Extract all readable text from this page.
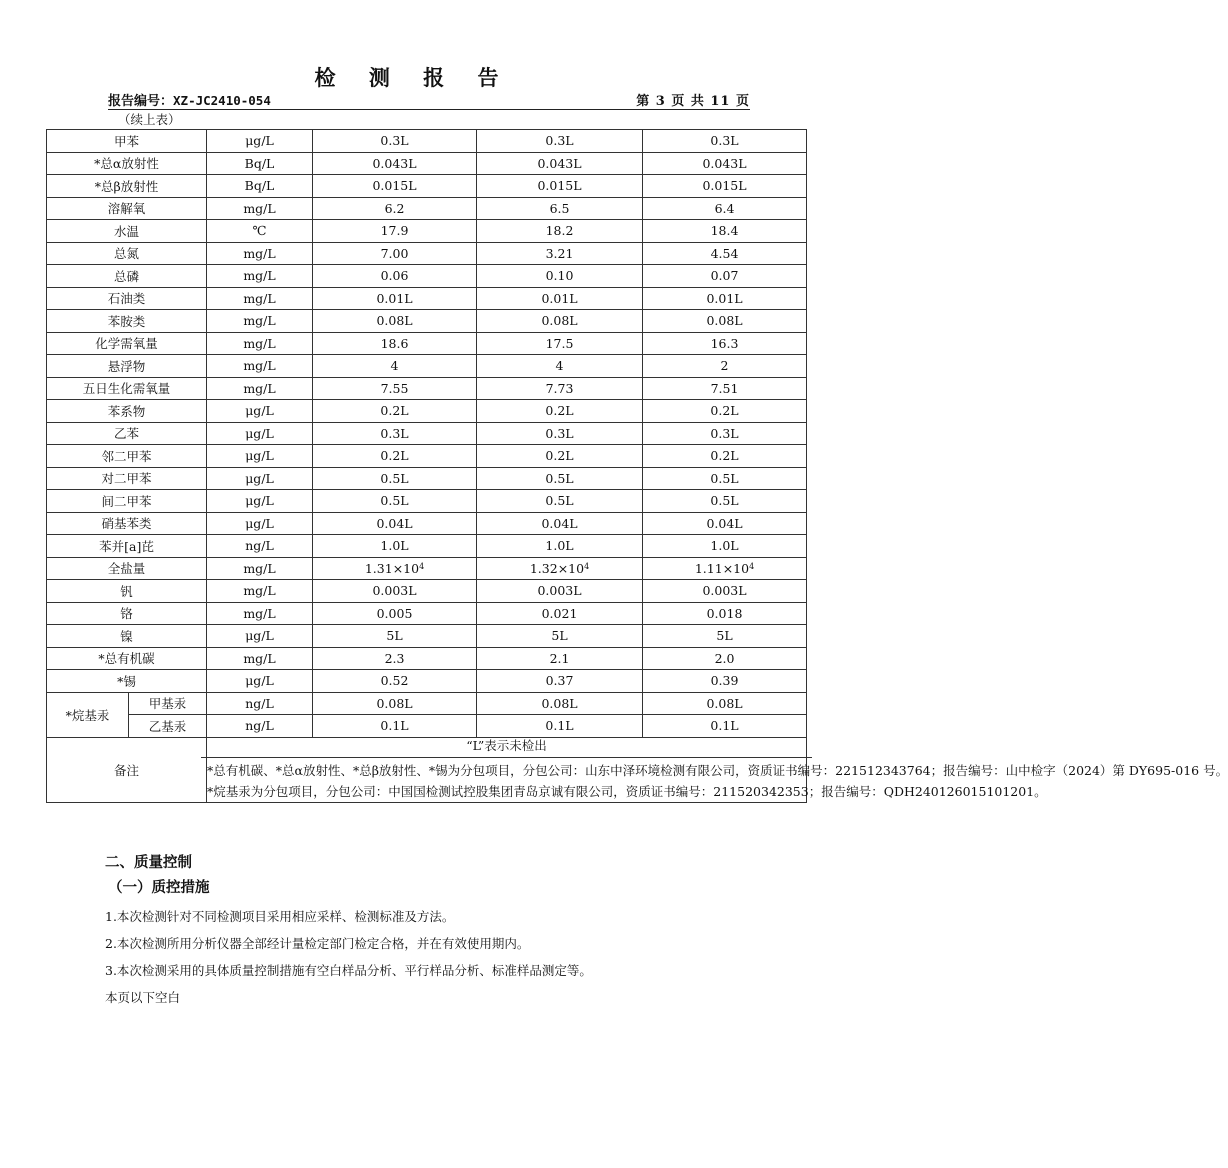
检 测 报 告
报告编号：XZ-JC2410-054	第 3 页 共 11 页
（续上表）
甲苯		μg/L	0.3L	0.3L	0.3L
*总α放射性		Bq/L	0.043L	0.043L	0.043L
*总β放射性		Bq/L	0.015L	0.015L	0.015L
溶解氧		mg/L	6.2	6.5	6.4
水温		℃	17.9	18.2	18.4
总氮		mg/L	7.00	3.21	4.54
总磷		mg/L	0.06	0.10	0.07
石油类		mg/L	0.01L	0.01L	0.01L
苯胺类		mg/L	0.08L	0.08L	0.08L
化学需氧量		mg/L	18.6	17.5	16.3
悬浮物		mg/L	4	4	2
五日生化需氧量		mg/L	7.55	7.73	7.51
苯系物		μg/L	0.2L	0.2L	0.2L
乙苯		μg/L	0.3L	0.3L	0.3L
邻二甲苯		μg/L	0.2L	0.2L	0.2L
对二甲苯		μg/L	0.5L	0.5L	0.5L
间二甲苯		μg/L	0.5L	0.5L	0.5L
硝基苯类		μg/L	0.04L	0.04L	0.04L
苯并[a]芘		ng/L	1.0L	1.0L	1.0L
全盐量		mg/L	$1.31\times 10^4$	$1.32\times 10^4$	$1.11\times 10^4$
钒		mg/L	0.003L	0.003L	0.003L
铬		mg/L	0.005	0.021	0.018
镍		μg/L	5L	5L	5L
*总有机碳		mg/L	2.3	2.1	2.0
*锡		μg/L	0.52	0.37	0.39
*烷基汞	甲基汞	ng/L	0.08L	0.08L	0.08L
	乙基汞	ng/L	0.1L	0.1L	0.1L
备注		“L”表示未检出

*总有机碳、*总α放射性、*总β放射性、*锡为分包项目，分包公司：山东中泽环境检测有限公司，资质证书编号：221512343764；报告编号：山中检字（2024）第 DY695-016 号。

*烷基汞为分包项目，分包公司：中国国检测试控股集团青岛京诚有限公司，资质证书编号：211520342353；报告编号：QDH240126015101201。			

二、质量控制
（一）质控措施
1.本次检测针对不同检测项目采用相应采样、检测标准及方法。
2.本次检测所用分析仪器全部经计量检定部门检定合格，并在有效使用期内。
3.本次检测采用的具体质量控制措施有空白样品分析、平行样品分析、标准样品测定等。
本页以下空白
